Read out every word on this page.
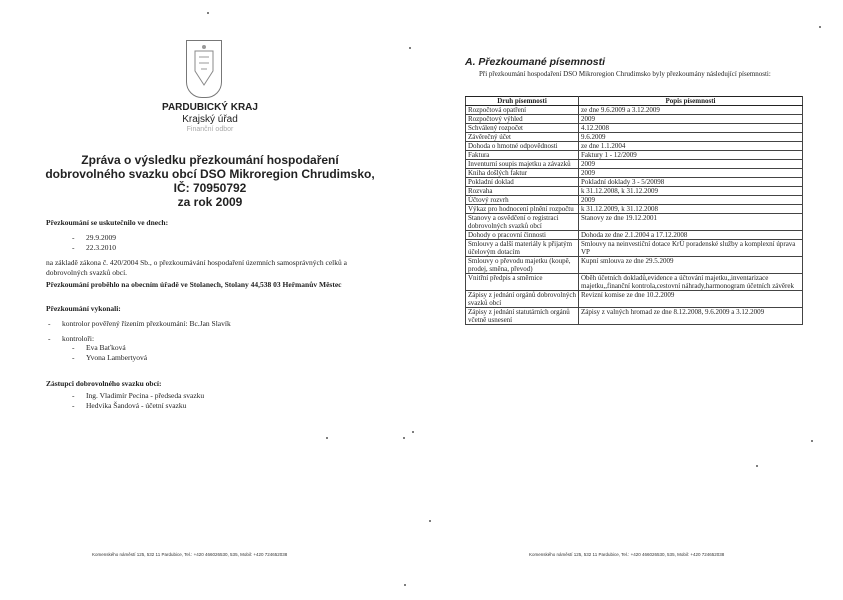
PARDUBICKÝ KRAJ
Krajský úřad
Finanční odbor
Zpráva o výsledku přezkoumání hospodaření
dobrovolného svazku obcí DSO Mikroregion Chrudimsko,
IČ: 70950792
za rok 2009
Přezkoumání se uskutečnilo ve dnech:
- 29.9.2009
- 22.3.2010
na základě zákona č. 420/2004 Sb., o přezkoumávání hospodaření územních samosprávných celků a dobrovolných svazků obcí.
Přezkoumání proběhlo na obecním úřadě ve Stolanech, Stolany 44,538 03 Heřmanův Městec
Přezkoumání vykonali:
- kontrolor pověřený řízením přezkoumání: Bc.Jan Slavík
- kontroloři:
- Eva Baťková
- Yvona Lambertyová
Zástupci dobrovolného svazku obcí:
- Ing. Vladimír Pecina - předseda svazku
- Hedvika Šandová - účetní svazku
Komenského náměstí 125, 532 11 Pardubice, Tel.: +420 466026530, 535, Mobil: +420 724652038
A. Přezkoumané písemnosti
Při přezkoumání hospodaření DSO Mikroregion Chrudimsko byly přezkoumány následující písemnosti:
Druh písemnosti	Popis písemnosti
Rozpočtová opatření	ze dne 9.6.2009 a 3.12.2009
Rozpočtový výhled	2009
Schválený rozpočet	4.12.2008
Závěrečný účet	9.6.2009
Dohoda o hmotné odpovědnosti	ze dne 1.1.2004
Faktura	Faktury 1 - 12/2009
Inventurní soupis majetku a závazků	2009
Kniha došlých faktur	2009
Pokladní doklad	Pokladní doklady 3 - 5/20098
Rozvaha	k 31.12.2008, k 31.12.2009
Účtový rozvrh	2009
Výkaz pro hodnocení plnění rozpočtu	k 31.12.2009, k 31.12.2008
Stanovy a osvědčení o registraci dobrovolných svazků obcí	Stanovy ze dne 19.12.2001
Dohody o pracovní činnosti	Dohoda ze dne 2.1.2004 a 17.12.2008
Smlouvy a další materiály k přijatým účelovým dotacím	Smlouvy na neinvestiční dotace KrÚ poradenské služby a komplexní úprava VP
Smlouvy o převodu majetku (koupě, prodej, směna, převod)	Kupní smlouva ze dne 29.5.2009
Vnitřní předpis a směrnice	Oběh účetních dokladů,evidence a účtování majetku,,inventarizace majetku,,finanční kontrola,cestovní náhrady,harmonogram účetních závěrek
Zápisy z jednání orgánů dobrovolných svazků obcí	Revizní komise ze dne 10.2.2009
Zápisy z jednání statutárních orgánů včetně usnesení	Zápisy z valných hromad ze dne 8.12.2008, 9.6.2009 a 3.12.2009
Komenského náměstí 125, 532 11 Pardubice, Tel.: +420 466026530, 535, Mobil: +420 724652038
